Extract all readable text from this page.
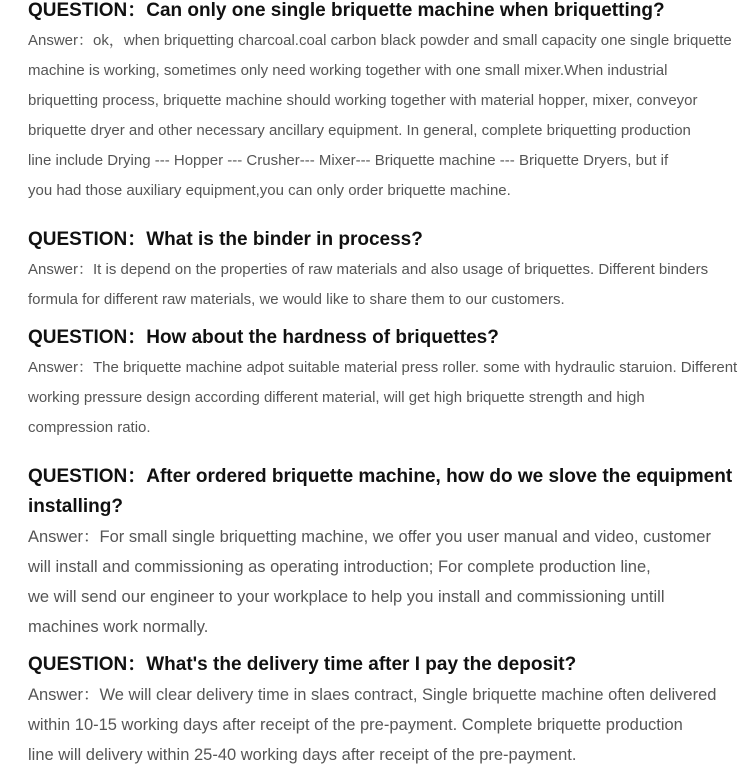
QUESTION：Can only one single briquette machine when briquetting?

Answer：ok，when briquetting charcoal.coal carbon black powder and small capacity one single briquette
machine is working, sometimes only need working together with one small mixer.When industrial
briquetting process, briquette machine should working together with material hopper, mixer, conveyor
briquette dryer and other necessary ancillary equipment. In general, complete briquetting production
line include Drying --- Hopper --- Crusher--- Mixer--- Briquette machine --- Briquette Dryers, but if
you had those auxiliary equipment,you can only order briquette machine.

QUESTION：What is the binder in process?

Answer：It is depend on the properties of raw materials and also usage of briquettes. Different binders
formula for different raw materials, we would like to share them to our customers.

QUESTION：How about the hardness of briquettes?

Answer：The briquette machine adpot suitable material press roller. some with hydraulic staruion. Different
working pressure design according different material, will get high briquette strength and high
compression ratio.

QUESTION：After ordered briquette machine, how do we slove the equipment installing?

Answer：For small single briquetting machine, we offer you user manual and video, customer
will install and commissioning as operating introduction; For complete production line,
we will send our engineer to your workplace to help you install and commissioning untill
machines work normally.

QUESTION：What's the delivery time after I pay the deposit?

Answer：We will clear delivery time in slaes contract, Single briquette machine often delivered
within 10-15 working days after receipt of the pre-payment. Complete briquette production
line will delivery within 25-40 working days after receipt of the pre-payment.
